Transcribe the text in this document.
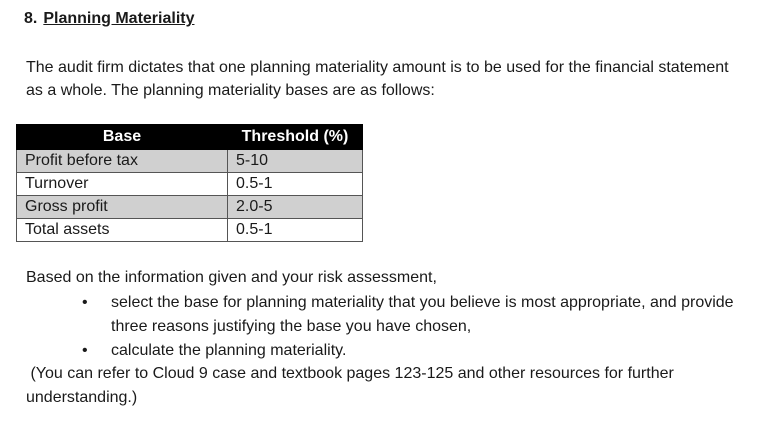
8. Planning Materiality

The audit firm dictates that one planning materiality amount is to be used for the financial statement as a whole. The planning materiality bases are as follows:

Base	Threshold (%)
Profit before tax	5-10
Turnover	0.5-1
Gross profit	2.0-5
Total assets	0.5-1
Based on the information given and your risk assessment,
• select the base for planning materiality that you believe is most appropriate, and provide three reasons justifying the base you have chosen,
• calculate the planning materiality.
(You can refer to Cloud 9 case and textbook pages 123-125 and other resources for further understanding.)
